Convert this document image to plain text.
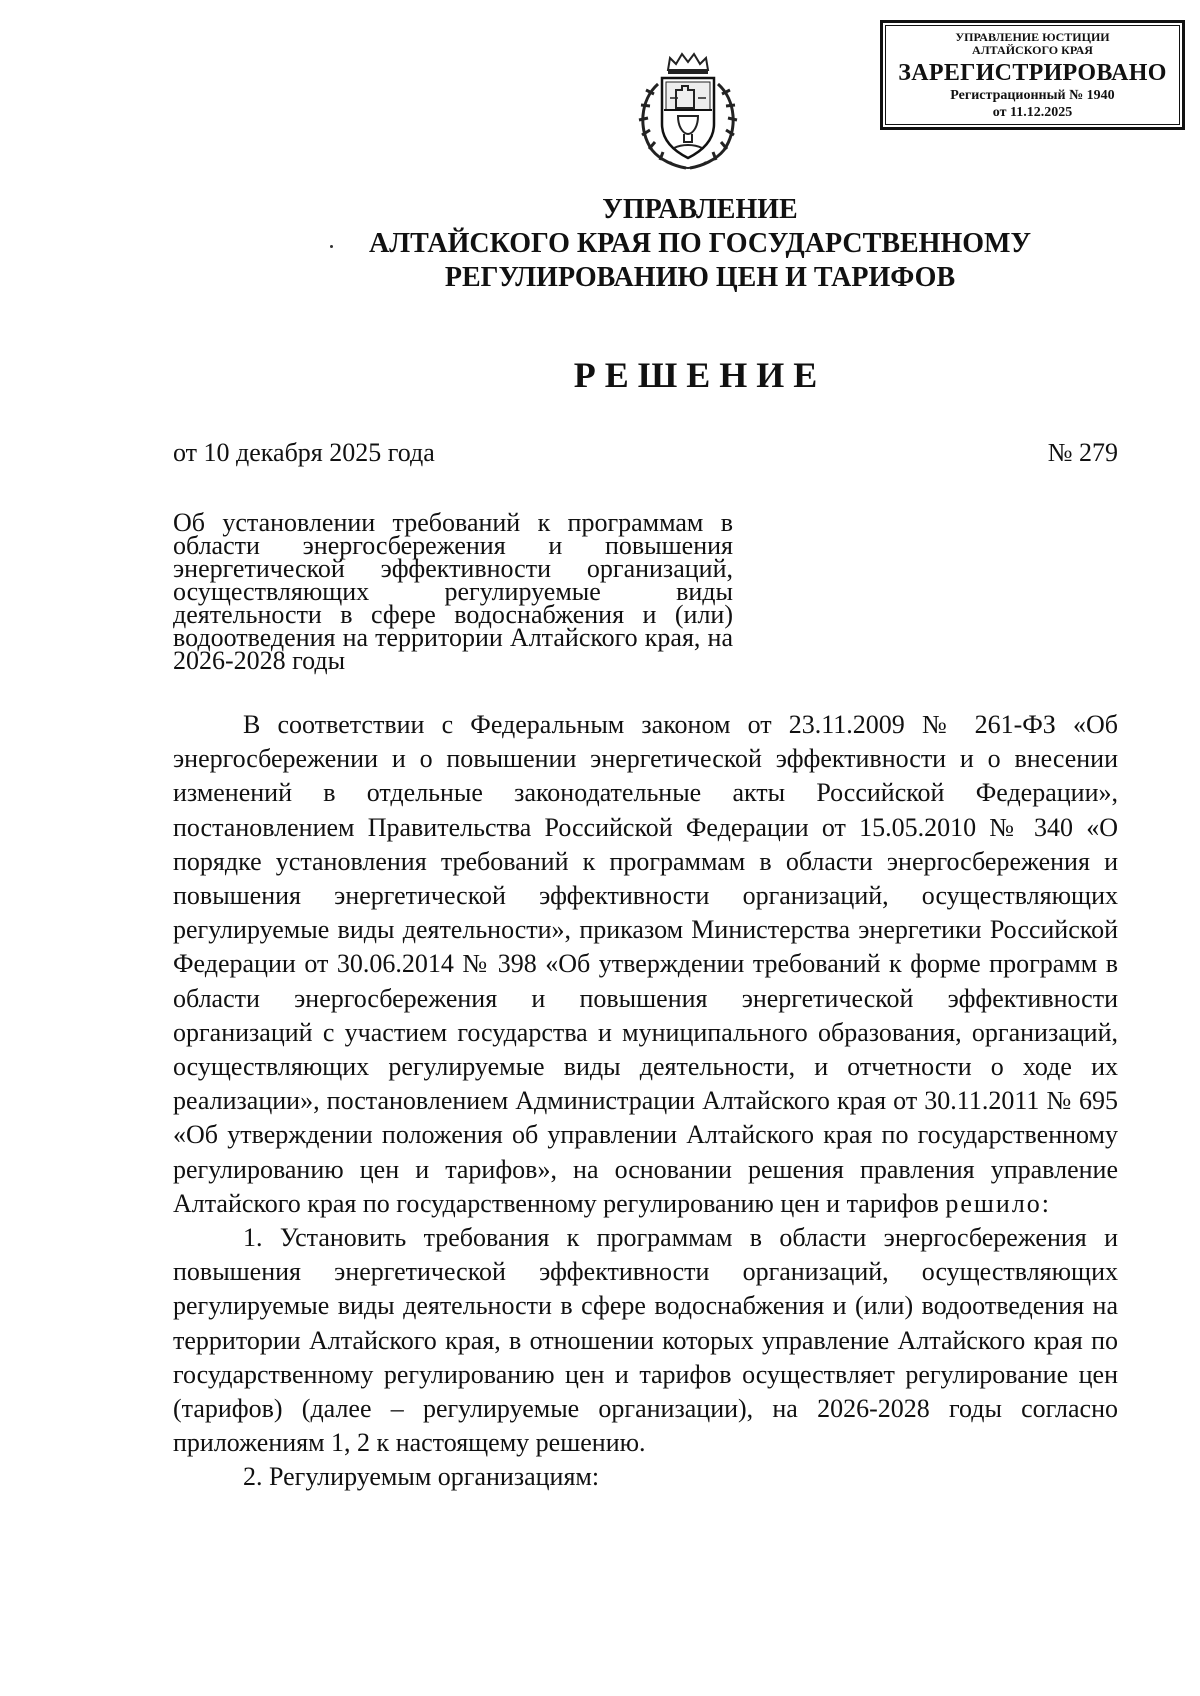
УПРАВЛЕНИЕ ЮСТИЦИИ
АЛТАЙСКОГО КРАЯ
ЗАРЕГИСТРИРОВАНО
Регистрационный № 1940
от 11.12.2025
УПРАВЛЕНИЕ
АЛТАЙСКОГО КРАЯ ПО ГОСУДАРСТВЕННОМУ
РЕГУЛИРОВАНИЮ ЦЕН И ТАРИФОВ
РЕШЕНИЕ
от 10 декабря 2025 года	№ 279
Об установлении требований к программам в области энергосбережения и повышения энергетической эффективности организаций, осуществляющих регулируемые виды деятельности в сфере водоснабжения и (или) водоотведения на территории Алтайского края, на 2026-2028 годы

В соответствии с Федеральным законом от 23.11.2009 № 261-ФЗ «Об энергосбережении и о повышении энергетической эффективности и о внесении изменений в отдельные законодательные акты Российской Федерации», постановлением Правительства Российской Федерации от 15.05.2010 № 340 «О порядке установления требований к программам в области энергосбережения и повышения энергетической эффективности организаций, осуществляющих регулируемые виды деятельности», приказом Министерства энергетики Российской Федерации от 30.06.2014 № 398 «Об утверждении требований к форме программ в области энергосбережения и повышения энергетической эффективности организаций с участием государства и муниципального образования, организаций, осуществляющих регулируемые виды деятельности, и отчетности о ходе их реализации», постановлением Администрации Алтайского края от 30.11.2011 № 695 «Об утверждении положения об управлении Алтайского края по государственному регулированию цен и тарифов», на основании решения правления управление Алтайского края по государственному регулированию цен и тарифов решило:

1. Установить требования к программам в области энергосбережения и повышения энергетической эффективности организаций, осуществляющих регулируемые виды деятельности в сфере водоснабжения и (или) водоотведения на территории Алтайского края, в отношении которых управление Алтайского края по государственному регулированию цен и тарифов осуществляет регулирование цен (тарифов) (далее – регулируемые организации), на 2026-2028 годы согласно приложениям 1, 2 к настоящему решению.

2. Регулируемым организациям:
